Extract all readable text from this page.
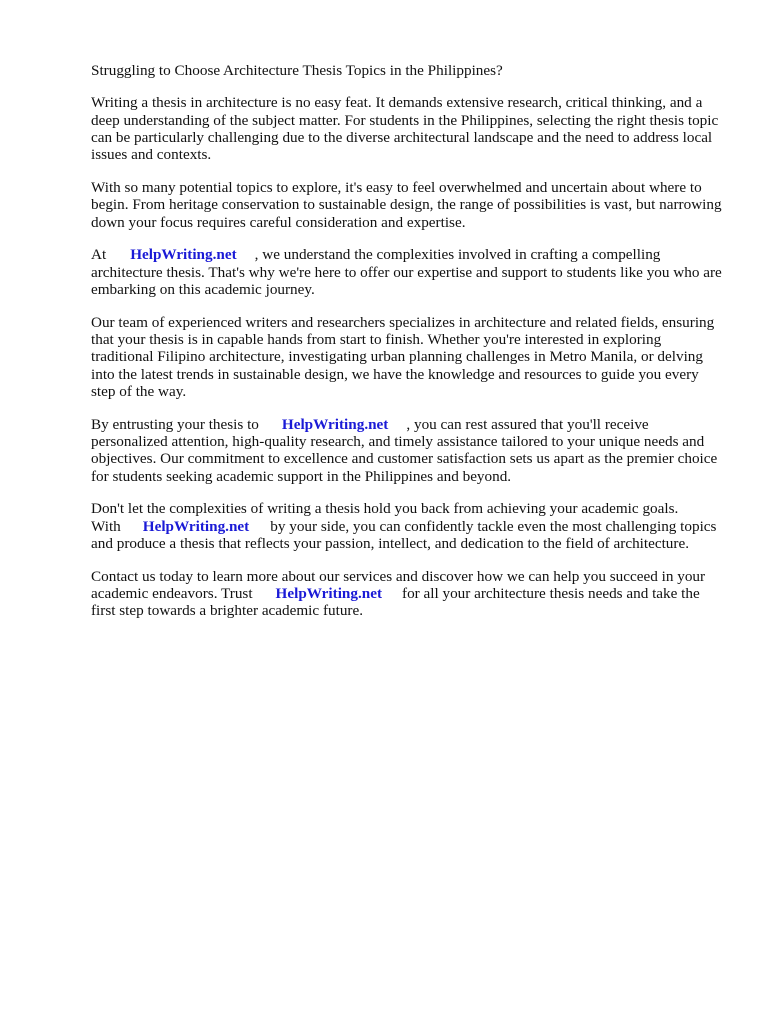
Struggling to Choose Architecture Thesis Topics in the Philippines?

Writing a thesis in architecture is no easy feat. It demands extensive research, critical thinking, and a deep understanding of the subject matter. For students in the Philippines, selecting the right thesis topic can be particularly challenging due to the diverse architectural landscape and the need to address local issues and contexts.

With so many potential topics to explore, it's easy to feel overwhelmed and uncertain about where to begin. From heritage conservation to sustainable design, the range of possibilities is vast, but narrowing down your focus requires careful consideration and expertise.

At HelpWriting.net , we understand the complexities involved in crafting a compelling architecture thesis. That's why we're here to offer our expertise and support to students like you who are embarking on this academic journey.

Our team of experienced writers and researchers specializes in architecture and related fields, ensuring that your thesis is in capable hands from start to finish. Whether you're interested in exploring traditional Filipino architecture, investigating urban planning challenges in Metro Manila, or delving into the latest trends in sustainable design, we have the knowledge and resources to guide you every step of the way.

By entrusting your thesis to HelpWriting.net , you can rest assured that you'll receive personalized attention, high-quality research, and timely assistance tailored to your unique needs and objectives. Our commitment to excellence and customer satisfaction sets us apart as the premier choice for students seeking academic support in the Philippines and beyond.

Don't let the complexities of writing a thesis hold you back from achieving your academic goals. With HelpWriting.net by your side, you can confidently tackle even the most challenging topics and produce a thesis that reflects your passion, intellect, and dedication to the field of architecture.

Contact us today to learn more about our services and discover how we can help you succeed in your academic endeavors. Trust HelpWriting.net for all your architecture thesis needs and take the first step towards a brighter academic future.
